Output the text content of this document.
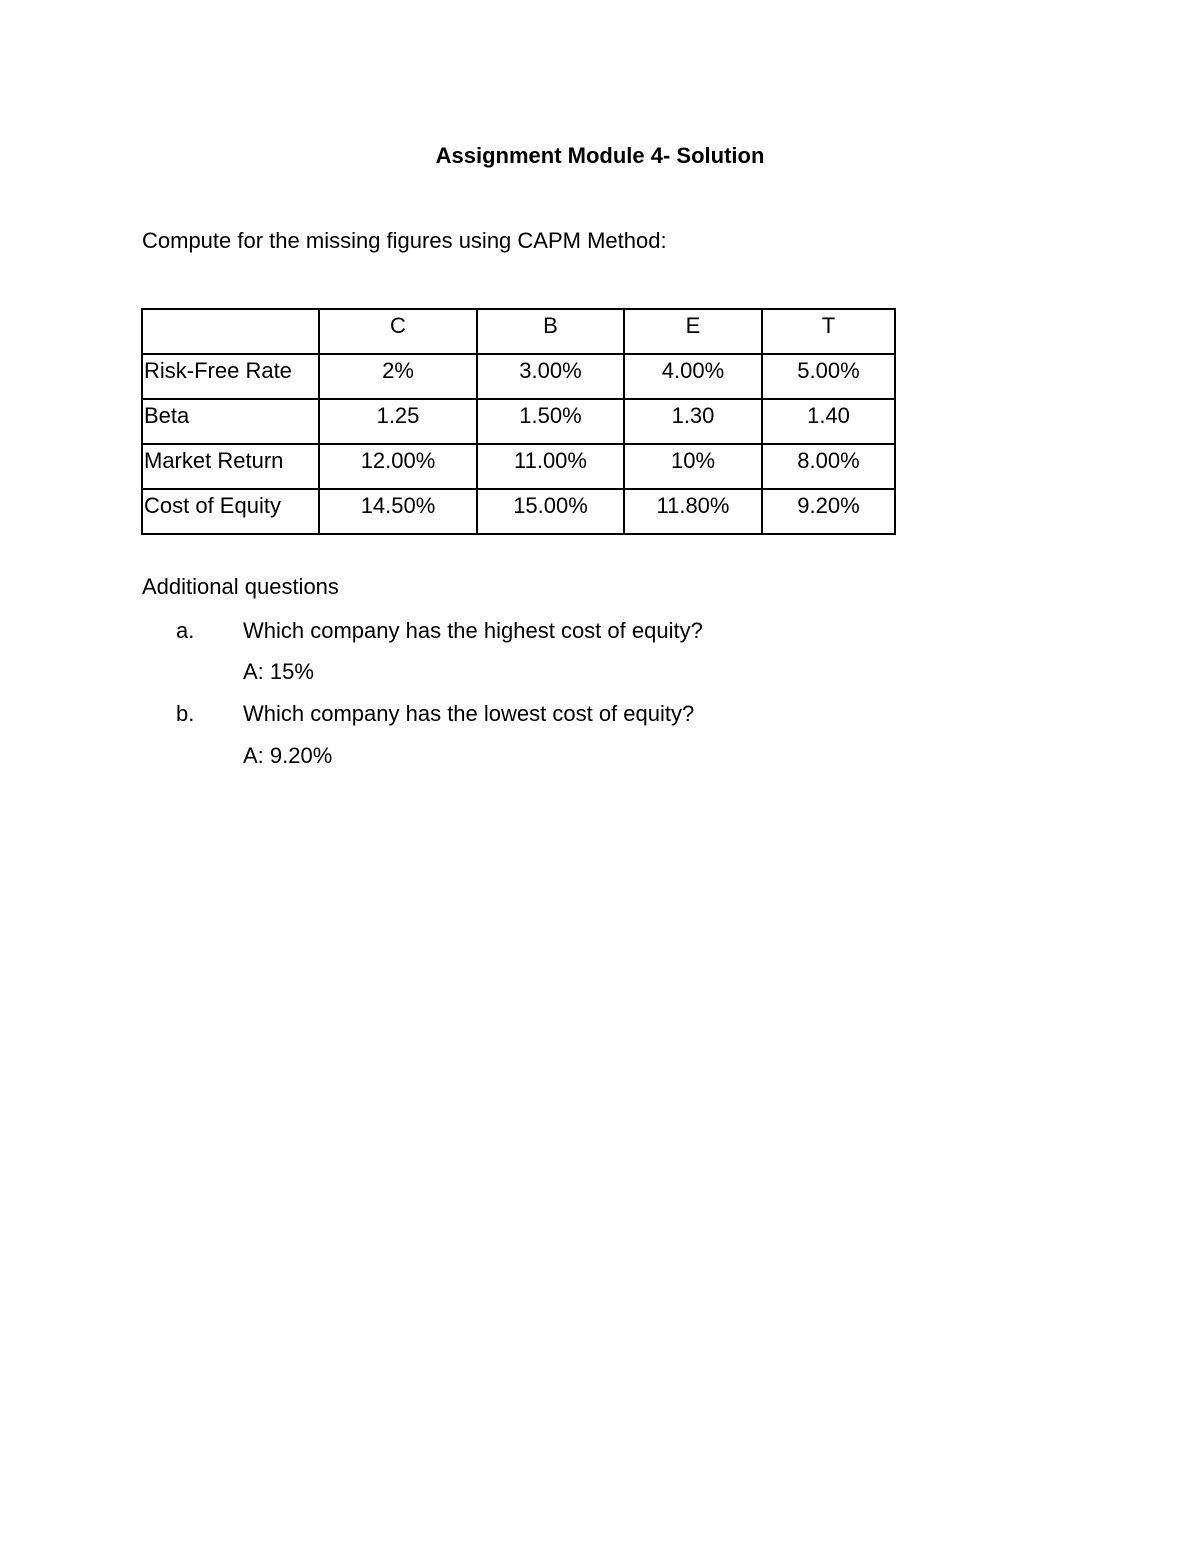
Assignment Module 4- Solution
Compute for the missing figures using CAPM Method:
	C	B	E	T
Risk-Free Rate	2%	3.00%	4.00%	5.00%
Beta	1.25	1.50%	1.30	1.40
Market Return	12.00%	11.00%	10%	8.00%
Cost of Equity	14.50%	15.00%	11.80%	9.20%
Additional questions
a. Which company has the highest cost of equity?
A: 15%
b. Which company has the lowest cost of equity?
A: 9.20%
